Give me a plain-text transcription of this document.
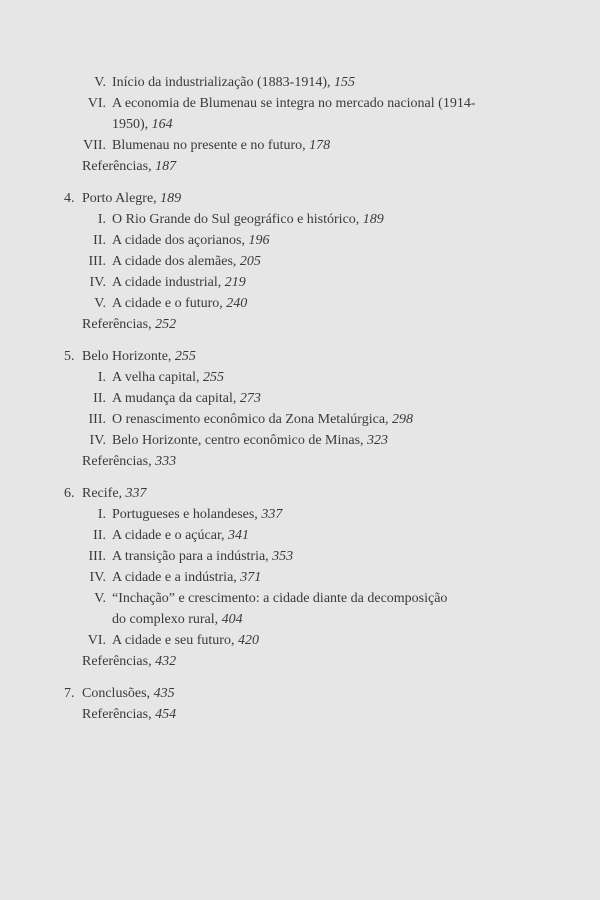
V. Início da industrialização (1883-1914), 155
VI. A economia de Blumenau se integra no mercado nacional (1914-
1950), 164
VII. Blumenau no presente e no futuro, 178
Referências, 187
4. Porto Alegre, 189
I. O Rio Grande do Sul geográfico e histórico, 189
II. A cidade dos açorianos, 196
III. A cidade dos alemães, 205
IV. A cidade industrial, 219
V. A cidade e o futuro, 240
Referências, 252
5. Belo Horizonte, 255
I. A velha capital, 255
II. A mudança da capital, 273
III. O renascimento econômico da Zona Metalúrgica, 298
IV. Belo Horizonte, centro econômico de Minas, 323
Referências, 333
6. Recife, 337
I. Portugueses e holandeses, 337
II. A cidade e o açúcar, 341
III. A transição para a indústria, 353
IV. A cidade e a indústria, 371
V. “Inchação” e crescimento: a cidade diante da decomposição
do complexo rural, 404
VI. A cidade e seu futuro, 420
Referências, 432
7. Conclusões, 435
Referências, 454
